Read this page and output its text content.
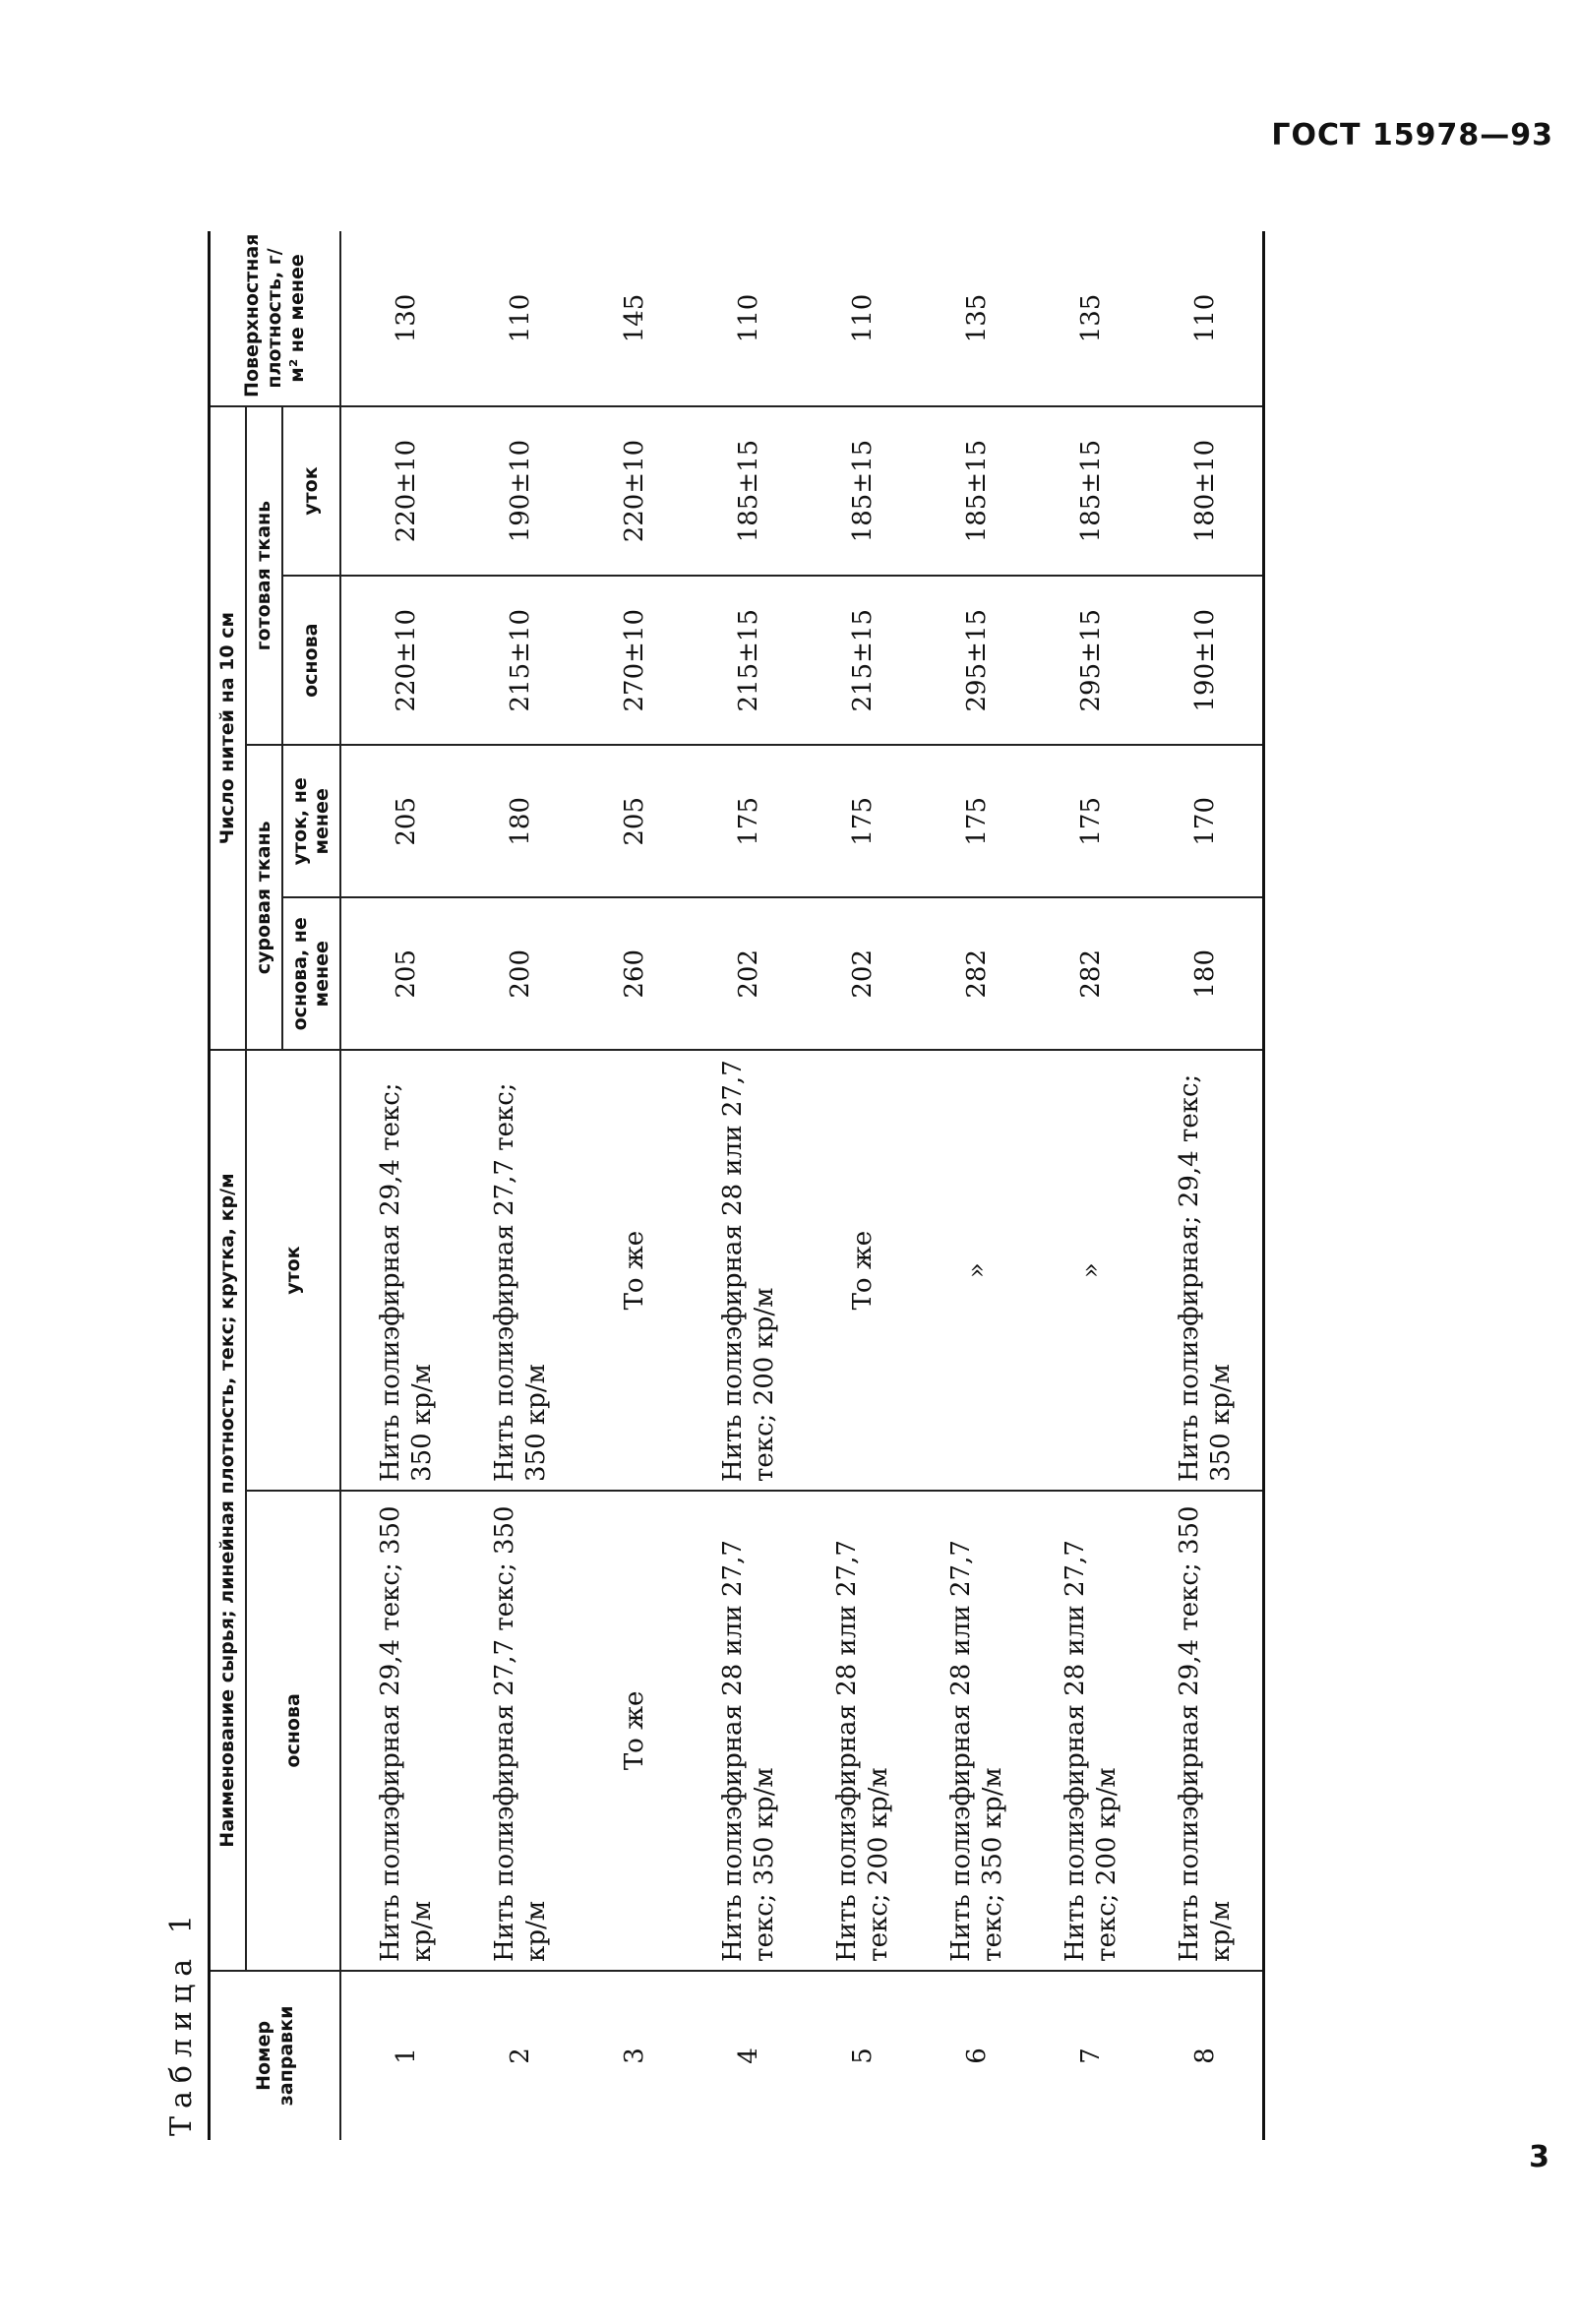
ГОСТ 15978—93
3
Таблица 1	Номер заправки	Наименование сырья; линейная плотность, текс; крутка, кр/м		Число нитей на 10 см				Поверхностная плотность, г/м² не менее
	основа	уток	суровая ткань		готовая ткань		
			основа, не менее	уток, не менее	основа	уток	
1	Нить полиэфирная 29,4 текс; 350 кр/м	Нить полиэфирная 29,4 текс; 350 кр/м	205	205	220±10	220±10	130
2	Нить полиэфирная 27,7 текс; 350 кр/м	Нить полиэфирная 27,7 текс; 350 кр/м	200	180	215±10	190±10	110
3	То же	То же	260	205	270±10	220±10	145
4	Нить полиэфирная 28 или 27,7 текс; 350 кр/м	Нить полиэфирная 28 или 27,7 текс; 200 кр/м	202	175	215±15	185±15	110
5	Нить полиэфирная 28 или 27,7 текс; 200 кр/м	То же	202	175	215±15	185±15	110
6	Нить полиэфирная 28 или 27,7 текс; 350 кр/м	»	282	175	295±15	185±15	135
7	Нить полиэфирная 28 или 27,7 текс; 200 кр/м	»	282	175	295±15	185±15	135
8	Нить полиэфирная 29,4 текс; 350 кр/м	Нить полиэфирная; 29,4 текс; 350 кр/м	180	170	190±10	180±10	110
